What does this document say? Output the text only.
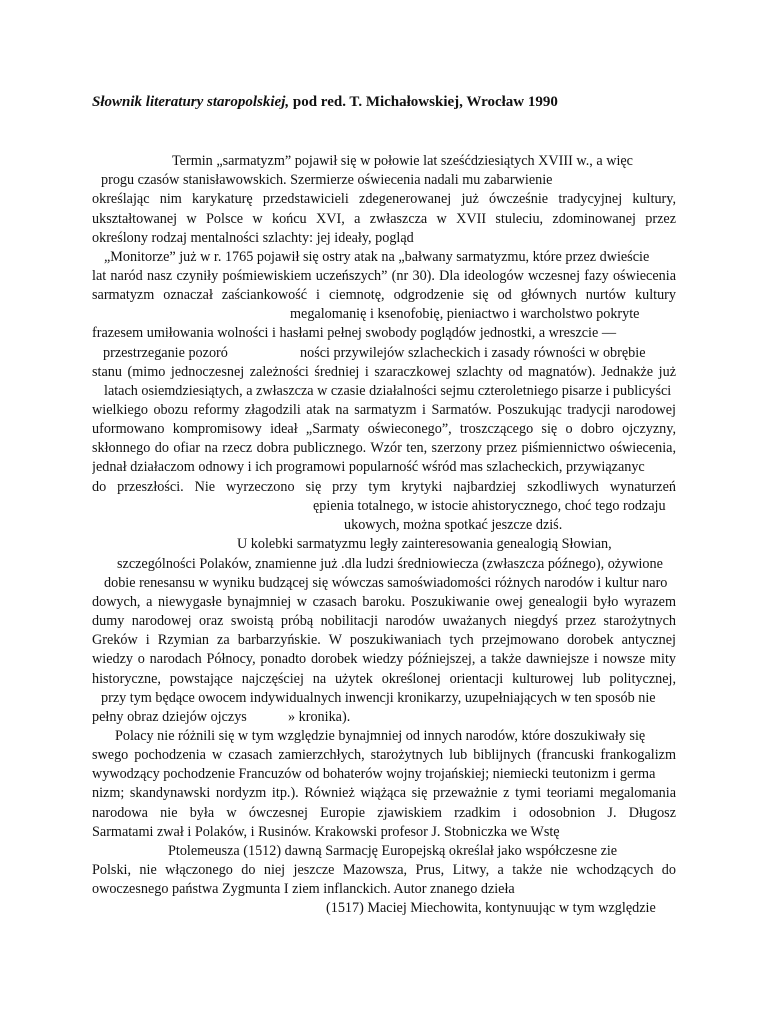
Słownik literatury staropolskiej, pod red. T. Michałowskiej, Wrocław 1990
Termin „sarmatyzm” pojawił się w połowie lat sześćdziesiątych XVIII w., a więc
progu czasów stanisławowskich. Szermierze oświecenia nadali mu zabarwienie
określając nim karykaturę przedstawicieli zdegenerowanej już ówcześnie tradycyjnej kultury,
ukształtowanej w Polsce w końcu XVI, a zwłaszcza w XVII stuleciu, zdominowanej przez
określony rodzaj mentalności szlachty: jej ideały, pogląd
„Monitorze” już w r. 1765 pojawił się ostry atak na „bałwany sarmatyzmu, które przez dwieście
lat naród nasz czyniły pośmiewiskiem uczeńszych” (nr 30). Dla ideologów wczesnej fazy oświecenia
sarmatyzm oznaczał zaściankowość i ciemnotę, odgrodzenie się od głównych nurtów kultury
megalomanię i ksenofobię, pieniactwo i warcholstwo pokryte
frazesem umiłowania wolności i hasłami pełnej swobody poglądów jednostki, a wreszcie —
przestrzeganie pozoró	ności przywilejów szlacheckich i zasady równości w obrębie
stanu (mimo jednoczesnej zależności średniej i szaraczkowej szlachty od magnatów). Jednakże już
latach osiemdziesiątych, a zwłaszcza w czasie działalności sejmu czteroletniego pisarze i publicyści
wielkiego obozu reformy złagodzili atak na sarmatyzm i Sarmatów. Poszukując tradycji narodowej
uformowano kompromisowy ideał „Sarmaty oświeconego”, troszczącego się o dobro ojczyzny,
skłonnego do ofiar na rzecz dobra publicznego. Wzór ten, szerzony przez piśmiennictwo oświecenia,
jednał działaczom odnowy i ich programowi popularność wśród mas szlacheckich, przywiązanyc
do przeszłości. Nie wyrzeczono się przy tym krytyki najbardziej szkodliwych wynaturzeń
ępienia totalnego, w istocie ahistorycznego, choć tego rodzaju
ukowych, można spotkać jeszcze dziś.
U kolebki sarmatyzmu legły zainteresowania genealogią Słowian,
szczególności Polaków, znamienne już .dla ludzi średniowiecza (zwłaszcza późnego), ożywione
dobie renesansu w wyniku budzącej się wówczas samoświadomości różnych narodów i kultur naro
dowych, a niewygasłe bynajmniej w czasach baroku. Poszukiwanie owej genealogii było wyrazem
dumy narodowej oraz swoistą próbą nobilitacji narodów uważanych niegdyś przez starożytnych
Greków i Rzymian za barbarzyńskie. W poszukiwaniach tych przejmowano dorobek antycznej
wiedzy o narodach Północy, ponadto dorobek wiedzy późniejszej, a także dawniejsze i nowsze mity
historyczne, powstające najczęściej na użytek określonej orientacji kulturowej lub politycznej,
przy tym będące owocem indywidualnych inwencji kronikarzy, uzupełniających w ten sposób nie
pełny obraz dziejów ojczys	» kronika).
Polacy nie różnili się w tym względzie bynajmniej od innych narodów, które doszukiwały się
swego pochodzenia w czasach zamierzchłych, starożytnych lub biblijnych (francuski frankogalizm
wywodzący pochodzenie Francuzów od bohaterów wojny trojańskiej; niemiecki teutonizm i germa
nizm; skandynawski nordyzm itp.). Również wiążąca się przeważnie z tymi teoriami megalomania
narodowa nie była w ówczesnej Europie zjawiskiem rzadkim i odosobnion J. Długosz
Sarmatami zwał i Polaków, i Rusinów. Krakowski profesor J. Stobniczka we Wstę
Ptolemeusza (1512) dawną Sarmację Europejską określał jako współczesne zie
Polski, nie włączonego do niej jeszcze Mazowsza, Prus, Litwy, a także nie wchodzących do
owoczesnego państwa Zygmunta I ziem inflanckich. Autor znanego dzieła
(1517) Maciej Miechowita, kontynuując w tym względzie
